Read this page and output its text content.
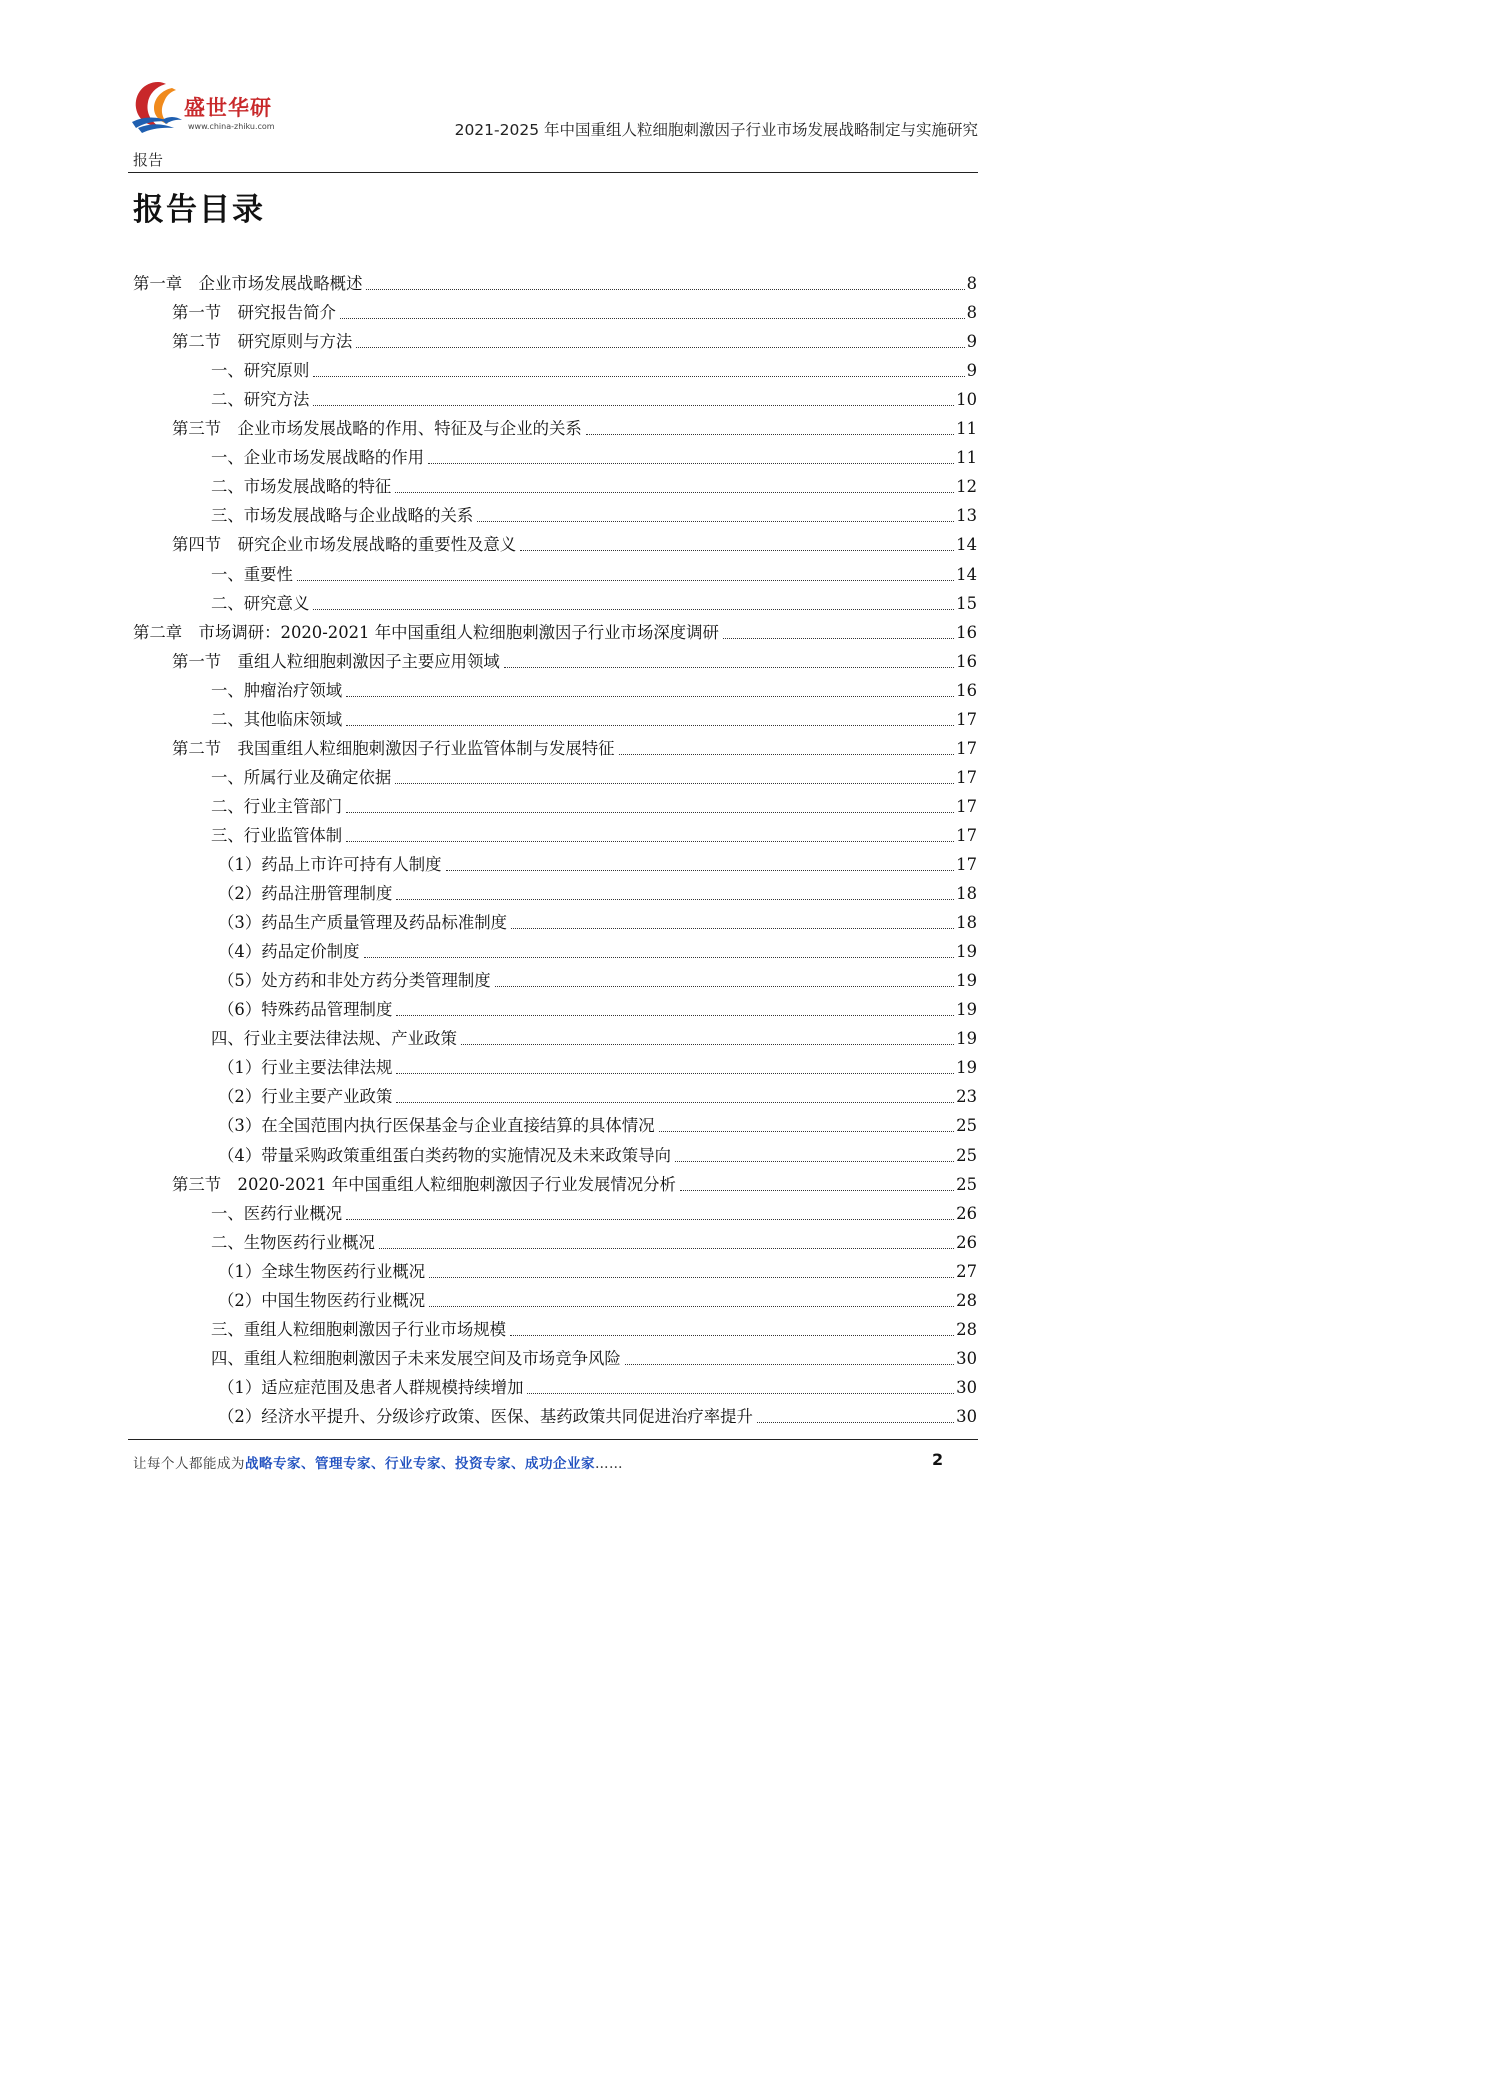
盛世华研
www.china-zhiku.com	2021-2025 年中国重组人粒细胞刺激因子行业市场发展战略制定与实施研究
报告
报告目录
第一章　企业市场发展战略概述	8
第一节　研究报告简介	8
第二节　研究原则与方法	9
一、研究原则	9
二、研究方法	10
第三节　企业市场发展战略的作用、特征及与企业的关系	11
一、企业市场发展战略的作用	11
二、市场发展战略的特征	12
三、市场发展战略与企业战略的关系	13
第四节　研究企业市场发展战略的重要性及意义	14
一、重要性	14
二、研究意义	15
第二章　市场调研：2020-2021 年中国重组人粒细胞刺激因子行业市场深度调研	16
第一节　重组人粒细胞刺激因子主要应用领域	16
一、肿瘤治疗领域	16
二、其他临床领域	17
第二节　我国重组人粒细胞刺激因子行业监管体制与发展特征	17
一、所属行业及确定依据	17
二、行业主管部门	17
三、行业监管体制	17
（1）药品上市许可持有人制度	17
（2）药品注册管理制度	18
（3）药品生产质量管理及药品标准制度	18
（4）药品定价制度	19
（5）处方药和非处方药分类管理制度	19
（6）特殊药品管理制度	19
四、行业主要法律法规、产业政策	19
（1）行业主要法律法规	19
（2）行业主要产业政策	23
（3）在全国范围内执行医保基金与企业直接结算的具体情况	25
（4）带量采购政策重组蛋白类药物的实施情况及未来政策导向	25
第三节　2020-2021 年中国重组人粒细胞刺激因子行业发展情况分析	25
一、医药行业概况	26
二、生物医药行业概况	26
（1）全球生物医药行业概况	27
（2）中国生物医药行业概况	28
三、重组人粒细胞刺激因子行业市场规模	28
四、重组人粒细胞刺激因子未来发展空间及市场竞争风险	30
（1）适应症范围及患者人群规模持续增加	30
（2）经济水平提升、分级诊疗政策、医保、基药政策共同促进治疗率提升	30
让每个人都能成为战略专家、管理专家、行业专家、投资专家、成功企业家……	2
